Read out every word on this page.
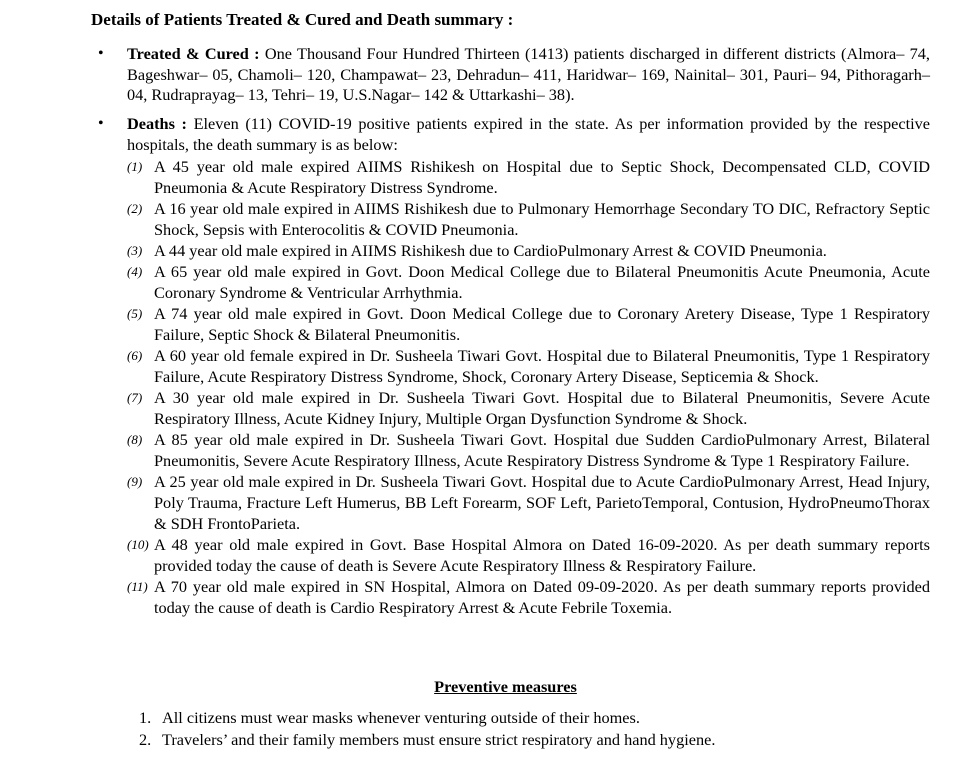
Details of Patients Treated & Cured and Death summary :
• Treated & Cured : One Thousand Four Hundred Thirteen (1413) patients discharged in different districts (Almora– 74, Bageshwar– 05, Chamoli– 120, Champawat– 23, Dehradun– 411, Haridwar– 169, Nainital– 301, Pauri– 94, Pithoragarh– 04, Rudraprayag– 13, Tehri– 19, U.S.Nagar– 142 & Uttarkashi– 38).
• Deaths : Eleven (11) COVID-19 positive patients expired in the state. As per information provided by the respective hospitals, the death summary is as below:
(1) A 45 year old male expired AIIMS Rishikesh on Hospital due to Septic Shock, Decompensated CLD, COVID Pneumonia & Acute Respiratory Distress Syndrome.
(2) A 16 year old male expired in AIIMS Rishikesh due to Pulmonary Hemorrhage Secondary TO DIC, Refractory Septic Shock, Sepsis with Enterocolitis & COVID Pneumonia.
(3) A 44 year old male expired in AIIMS Rishikesh due to CardioPulmonary Arrest & COVID Pneumonia.
(4) A 65 year old male expired in Govt. Doon Medical College due to Bilateral Pneumonitis Acute Pneumonia, Acute Coronary Syndrome & Ventricular Arrhythmia.
(5) A 74 year old male expired in Govt. Doon Medical College due to Coronary Aretery Disease, Type 1 Respiratory Failure, Septic Shock & Bilateral Pneumonitis.
(6) A 60 year old female expired in Dr. Susheela Tiwari Govt. Hospital due to Bilateral Pneumonitis, Type 1 Respiratory Failure, Acute Respiratory Distress Syndrome, Shock, Coronary Artery Disease, Septicemia & Shock.
(7) A 30 year old male expired in Dr. Susheela Tiwari Govt. Hospital due to Bilateral Pneumonitis, Severe Acute Respiratory Illness, Acute Kidney Injury, Multiple Organ Dysfunction Syndrome & Shock.
(8) A 85 year old male expired in Dr. Susheela Tiwari Govt. Hospital due Sudden CardioPulmonary Arrest, Bilateral Pneumonitis, Severe Acute Respiratory Illness, Acute Respiratory Distress Syndrome & Type 1 Respiratory Failure.
(9) A 25 year old male expired in Dr. Susheela Tiwari Govt. Hospital due to Acute CardioPulmonary Arrest, Head Injury, Poly Trauma, Fracture Left Humerus, BB Left Forearm, SOF Left, ParietoTemporal, Contusion, HydroPneumoThorax & SDH FrontoParieta.
(10) A 48 year old male expired in Govt. Base Hospital Almora on Dated 16-09-2020. As per death summary reports provided today the cause of death is Severe Acute Respiratory Illness & Respiratory Failure.
(11) A 70 year old male expired in SN Hospital, Almora on Dated 09-09-2020. As per death summary reports provided today the cause of death is Cardio Respiratory Arrest & Acute Febrile Toxemia.
Preventive measures
1. All citizens must wear masks whenever venturing outside of their homes.
2. Travelers’ and their family members must ensure strict respiratory and hand hygiene.
